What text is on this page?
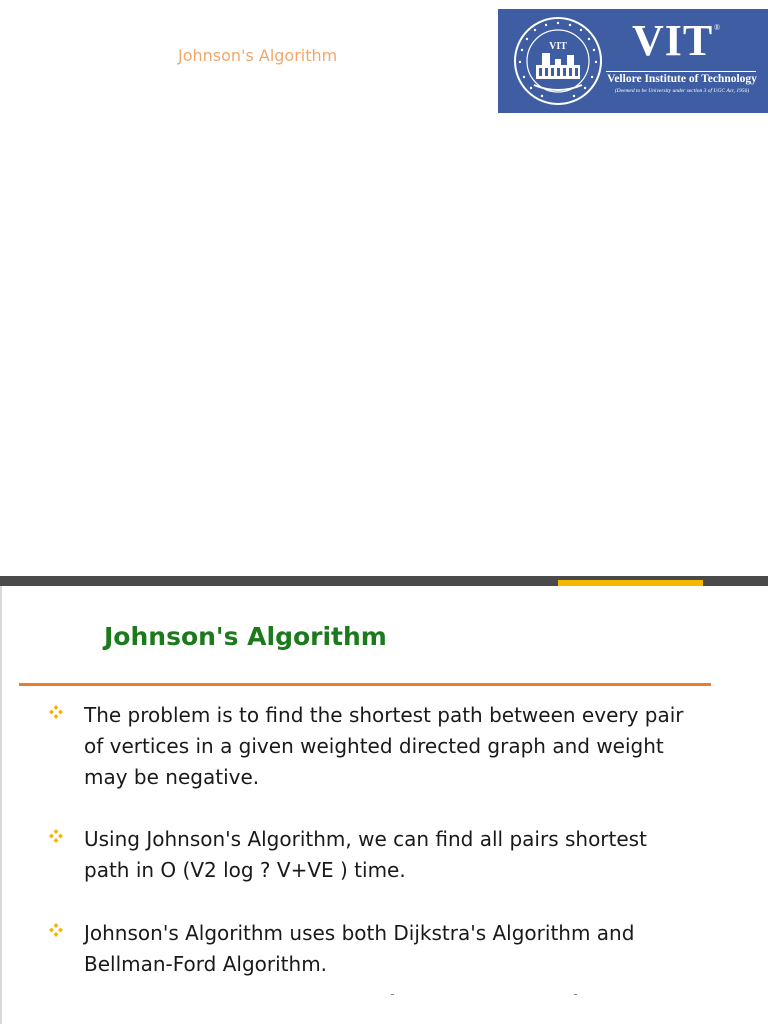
Johnson's Algorithm	VIT VIT ®
Vellore Institute of Technology
(Deemed to be University under section 3 of UGC Act, 1956)
Johnson's Algorithm
The problem is to find the shortest path between every pair
of vertices in a given weighted directed graph and weight
may be negative.
Using Johnson's Algorithm, we can find all pairs shortest
path in O (V2 log ? V+VE ) time.
Johnson's Algorithm uses both Dijkstra's Algorithm and
Bellman-Ford Algorithm.
